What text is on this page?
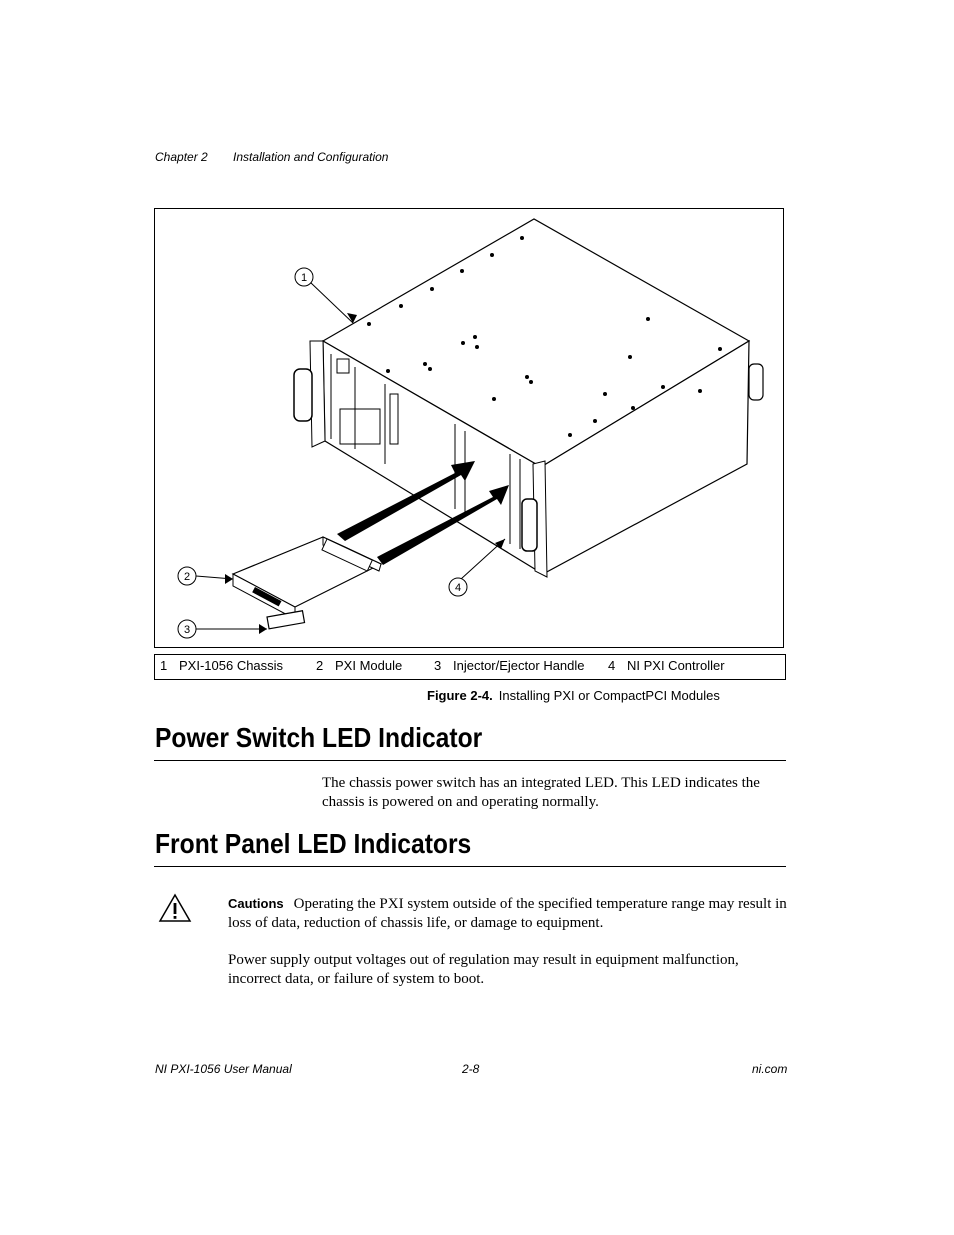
Chapter 2 Installation and Configuration
1
2
3
4
1 PXI-1056 Chassis	2 PXI Module 3 Injector/Ejector Handle 4 NI PXI Controller
Figure 2-4. Installing PXI or CompactPCI Modules
Power Switch LED Indicator
The chassis power switch has an integrated LED. This LED indicates the chassis is powered on and operating normally.
Front Panel LED Indicators
Cautions Operating the PXI system outside of the specified temperature range may result in loss of data, reduction of chassis life, or damage to equipment.
Power supply output voltages out of regulation may result in equipment malfunction, incorrect data, or failure of system to boot.
NI PXI-1056 User Manual	2-8	ni.com
